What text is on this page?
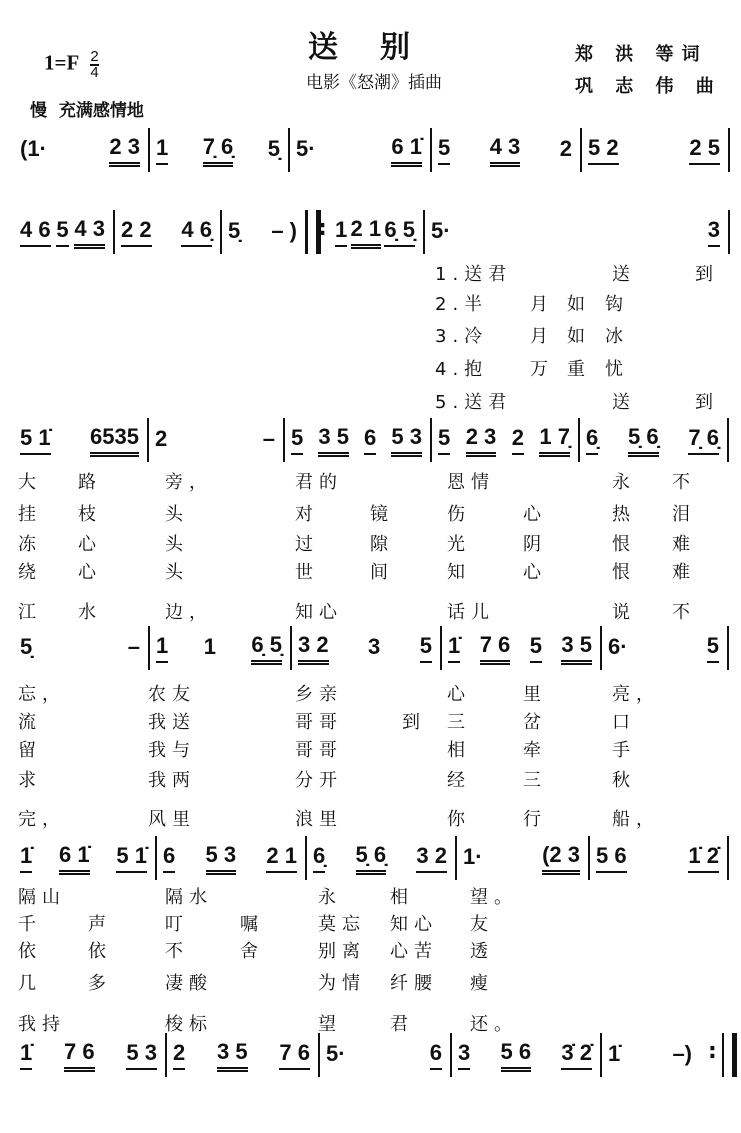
送别
电影《怒潮》插曲
郑 洪 等词
巩 志 伟 曲
$1=F \frac{2}{4}$
慢  充满感情地
(1·	2 3 1 7̣ 6̣ 5̣ 5·	6 1̇ 5 4 3 2 5 2	2 5
4 6 5 4 3 2 2 4 6̣ 5̣ – ) 1 2 1 6̣ 5̣ 5·	3
:
5 1̇ 6535 2	– 5 3 5 6 5 3 5 2 3 2 1 7̣ 6̣ 5̣ 6̣ 7̣ 6̣
5̣	– 1 1 6̣ 5̣ 3 2 3 5 1̇ 7 6 5 3 5 6·	5
1̇ 6 1̇ 5 1̇ 6 5 3 2 1 6̣ 5̣ 6̣ 3 2 1·	(2 3 5 6	1̇ 2̇
1̇ 7 6 5 3 2 3 5 7 6 5·	6 3 5 6 3̇ 2̇ 1̇ –) :
1.送君	送	到
2.半 月 如 钩
3.冷 月 如 冰
4.抱 万 重 忧
5.送君	送	到
大 路	旁，	君的	恩情	永 不
挂 枝	头	对	镜	伤	心	热 泪
冻 心	头	过	隙	光	阴	恨 难
绕 心	头	世	间	知	心	恨 难
江 水	边，	知心	话儿	说 不
忘，	农友	乡亲	心	里	亮，
流	我送	哥哥	到 三	岔	口
留	我与	哥哥	相	牵	手
求	我两	分开	经	三	秋
完，	风里	浪里	你	行	船，
隔山	隔水	永	相	望。
千	声	叮	嘱	莫忘 知心 友
依	依	不	舍	别离 心苦 透
几	多	凄酸	为情 纤腰 瘦
我持	梭标	望	君	还。
